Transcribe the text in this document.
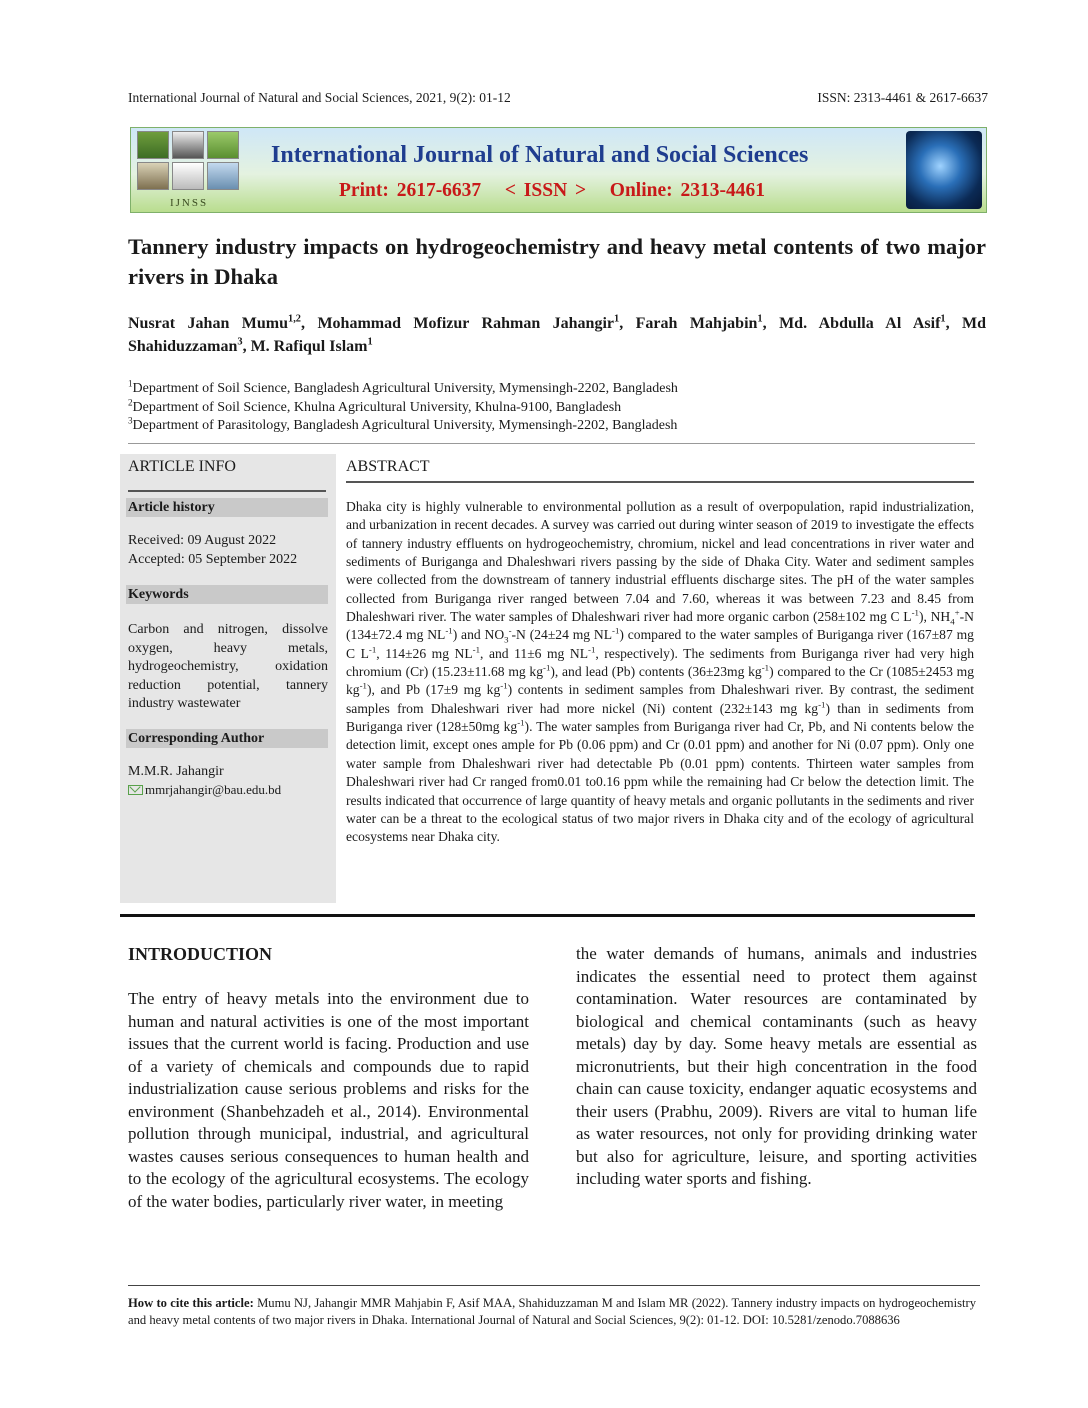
International Journal of Natural and Social Sciences, 2021, 9(2): 01-12	ISSN: 2313-4461 & 2617-6637
IJNSS
International Journal of Natural and Social Sciences
Print: 2617-6637 < ISSN > Online: 2313-4461
Tannery industry impacts on hydrogeochemistry and heavy metal contents of two major rivers in Dhaka
Nusrat Jahan Mumu$^{1,2}$, Mohammad Mofizur Rahman Jahangir$^1$, Farah Mahjabin$^1$, Md. Abdulla Al Asif$^1$, Md Shahiduzzaman$^3$, M. Rafiqul Islam$^1$
$^1$Department of Soil Science, Bangladesh Agricultural University, Mymensingh-2202, Bangladesh
$^2$Department of Soil Science, Khulna Agricultural University, Khulna-9100, Bangladesh
$^3$Department of Parasitology, Bangladesh Agricultural University, Mymensingh-2202, Bangladesh
ARTICLE INFO
Article history
Received: 09 August 2022
Accepted: 05 September 2022
Keywords
Carbon and nitrogen, dissolve oxygen, heavy metals, hydrogeochemistry, oxidation reduction potential, tannery industry wastewater
Corresponding Author
M.M.R. Jahangir
mmrjahangir@bau.edu.bd
ABSTRACT
Dhaka city is highly vulnerable to environmental pollution as a result of overpopulation, rapid industrialization, and urbanization in recent decades. A survey was carried out during winter season of 2019 to investigate the effects of tannery industry effluents on hydrogeochemistry, chromium, nickel and lead concentrations in river water and sediments of Buriganga and Dhaleshwari rivers passing by the side of Dhaka City. Water and sediment samples were collected from the downstream of tannery industrial effluents discharge sites. The pH of the water samples collected from Buriganga river ranged between 7.04 and 7.60, whereas it was between 7.23 and 8.45 from Dhaleshwari river. The water samples of Dhaleshwari river had more organic carbon (258±102 mg C $L^{-1}$), $NH_4^+-N$ (134±72.4 mg $NL^{-1}$) and $NO_3^--N$ (24±24 mg $NL^{-1}$) compared to the water samples of Buriganga river (167±87 mg C $L^{-1}$, 114±26 mg $NL^{-1}$, and 11±6 mg $NL^{-1}$, respectively). The sediments from Buriganga river had very high chromium (Cr) (15.23±11.68 mg $kg^{-1}$), and lead (Pb) contents (36±23mg $kg^{-1}$) compared to the Cr (1085±2453 mg $kg^{-1}$), and Pb (17±9 mg $kg^{-1}$) contents in sediment samples from Dhaleshwari river. By contrast, the sediment samples from Dhaleshwari river had more nickel (Ni) content (232±143 mg $kg^{-1}$) than in sediments from Buriganga river (128±50mg $kg^{-1}$). The water samples from Buriganga river had Cr, Pb, and Ni contents below the detection limit, except ones ample for Pb (0.06 ppm) and Cr (0.01 ppm) and another for Ni (0.07 ppm). Only one water sample from Dhaleshwari river had detectable Pb (0.01 ppm) contents. Thirteen water samples from Dhaleshwari river had Cr ranged from0.01 to0.16 ppm while the remaining had Cr below the detection limit. The results indicated that occurrence of large quantity of heavy metals and organic pollutants in the sediments and river water can be a threat to the ecological status of two major rivers in Dhaka city and of the ecology of agricultural ecosystems near Dhaka city.
INTRODUCTION
The entry of heavy metals into the environment due to human and natural activities is one of the most important issues that the current world is facing. Production and use of a variety of chemicals and compounds due to rapid industrialization cause serious problems and risks for the environment (Shanbehzadeh et al., 2014). Environmental pollution through municipal, industrial, and agricultural wastes causes serious consequences to human health and to the ecology of the agricultural ecosystems. The ecology of the water bodies, particularly river water, in meeting
the water demands of humans, animals and industries indicates the essential need to protect them against contamination. Water resources are contaminated by biological and chemical contaminants (such as heavy metals) day by day. Some heavy metals are essential as micronutrients, but their high concentration in the food chain can cause toxicity, endanger aquatic ecosystems and their users (Prabhu, 2009). Rivers are vital to human life as water resources, not only for providing drinking water but also for agriculture, leisure, and sporting activities including water sports and fishing.
How to cite this article: Mumu NJ, Jahangir MMR Mahjabin F, Asif MAA, Shahiduzzaman M and Islam MR (2022). Tannery industry impacts on hydrogeochemistry and heavy metal contents of two major rivers in Dhaka. International Journal of Natural and Social Sciences, 9(2): 01-12. DOI: 10.5281/zenodo.7088636
